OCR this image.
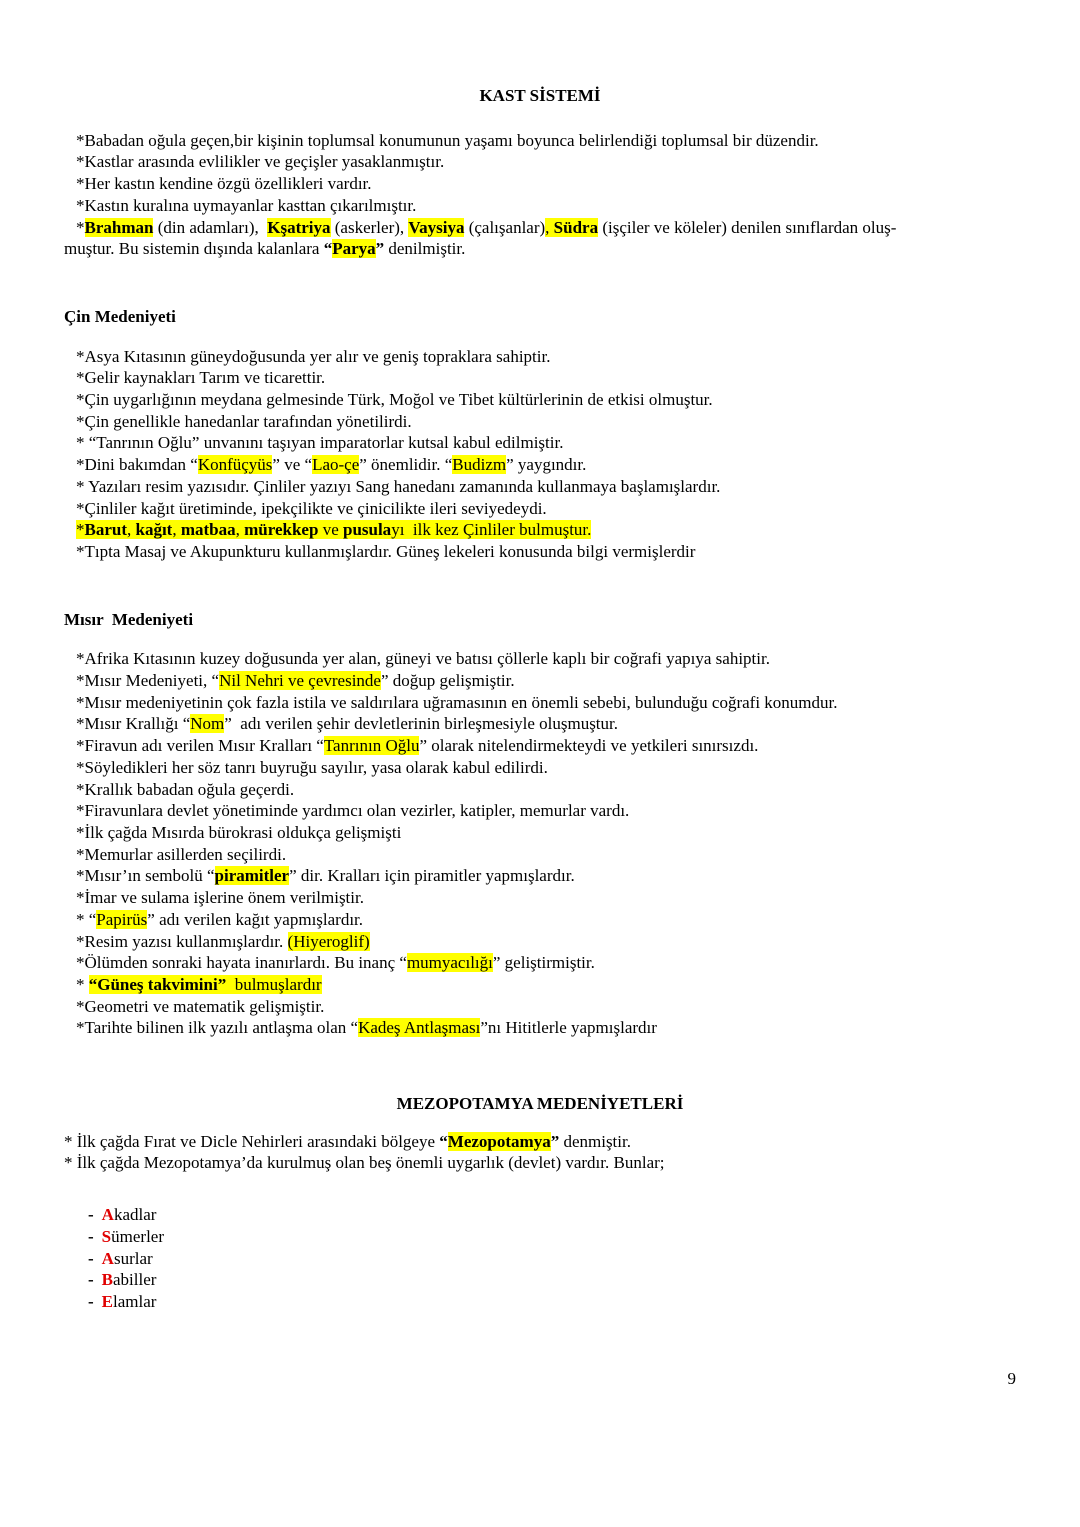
KAST SİSTEMİ
*Babadan oğula geçen,bir kişinin toplumsal konumunun yaşamı boyunca belirlendiği toplumsal bir düzendir.
*Kastlar arasında evlilikler ve geçişler yasaklanmıştır.
*Her kastın kendine özgü özellikleri vardır.
*Kastın kuralına uymayanlar kasttan çıkarılmıştır.
*Brahman (din adamları),  Kşatriya (askerler), Vaysiya (çalışanlar), Südra (işçiler ve köleler) denilen sınıflardan oluş-
muştur. Bu sistemin dışında kalanlara “Parya” denilmiştir.
Çin Medeniyeti
*Asya Kıtasının güneydoğusunda yer alır ve geniş topraklara sahiptir.
*Gelir kaynakları Tarım ve ticarettir.
*Çin uygarlığının meydana gelmesinde Türk, Moğol ve Tibet kültürlerinin de etkisi olmuştur.
*Çin genellikle hanedanlar tarafından yönetilirdi.
* “Tanrının Oğlu” unvanını taşıyan imparatorlar kutsal kabul edilmiştir.
*Dini bakımdan “Konfüçyüs” ve “Lao-çe” önemlidir. “Budizm” yaygındır.
* Yazıları resim yazısıdır. Çinliler yazıyı Sang hanedanı zamanında kullanmaya başlamışlardır.
*Çinliler kağıt üretiminde, ipekçilikte ve çinicilikte ileri seviyedeydi.
*Barut, kağıt, matbaa, mürekkep ve pusulayı  ilk kez Çinliler bulmuştur.
*Tıpta Masaj ve Akupunkturu kullanmışlardır. Güneş lekeleri konusunda bilgi vermişlerdir
Mısır  Medeniyeti
*Afrika Kıtasının kuzey doğusunda yer alan, güneyi ve batısı çöllerle kaplı bir coğrafi yapıya sahiptir.
*Mısır Medeniyeti, “Nil Nehri ve çevresinde” doğup gelişmiştir.
*Mısır medeniyetinin çok fazla istila ve saldırılara uğramasının en önemli sebebi, bulunduğu coğrafi konumdur.
*Mısır Krallığı “Nom”  adı verilen şehir devletlerinin birleşmesiyle oluşmuştur.
*Firavun adı verilen Mısır Kralları “Tanrının Oğlu” olarak nitelendirmekteydi ve yetkileri sınırsızdı.
*Söyledikleri her söz tanrı buyruğu sayılır, yasa olarak kabul edilirdi.
*Krallık babadan oğula geçerdi.
*Firavunlara devlet yönetiminde yardımcı olan vezirler, katipler, memurlar vardı.
*İlk çağda Mısırda bürokrasi oldukça gelişmişti
*Memurlar asillerden seçilirdi.
*Mısır’ın sembolü “piramitler” dir. Kralları için piramitler yapmışlardır.
*İmar ve sulama işlerine önem verilmiştir.
* “Papirüs” adı verilen kağıt yapmışlardır.
*Resim yazısı kullanmışlardır. (Hiyeroglif)
*Ölümden sonraki hayata inanırlardı. Bu inanç “mumyacılığı” geliştirmiştir.
* “Güneş takvimini”  bulmuşlardır
*Geometri ve matematik gelişmiştir.
*Tarihte bilinen ilk yazılı antlaşma olan “Kadeş Antlaşması”nı Hititlerle yapmışlardır
MEZOPOTAMYA MEDENİYETLERİ
* İlk çağda Fırat ve Dicle Nehirleri arasındaki bölgeye “Mezopotamya” denmiştir.
* İlk çağda Mezopotamya’da kurulmuş olan beş önemli uygarlık (devlet) vardır. Bunlar;
- Akadlar
- Sümerler
- Asurlar
- Babiller
- Elamlar
9
